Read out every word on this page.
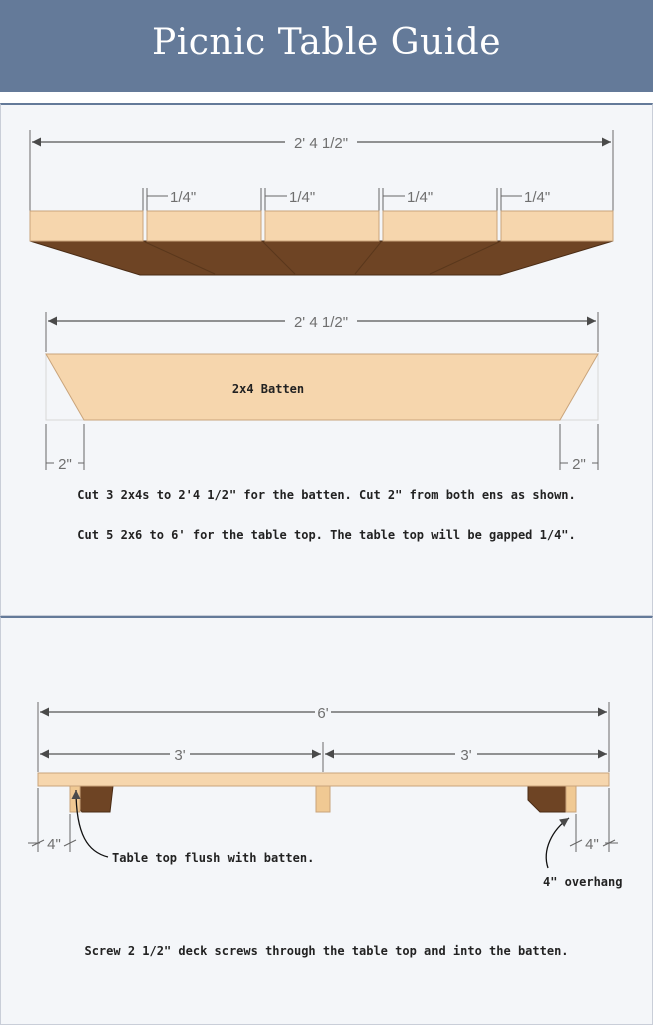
Picnic Table Guide
2' 4 1/2"
1/4"	1/4"	1/4"	1/4"
2' 4 1/2"
2x4 Batten
2"	2"
6'
3'	3'
4"	4"
Table top flush with batten.
4" overhang
Cut 3 2x4s to 2'4 1/2" for the batten. Cut 2" from both ens as shown.
Cut 5 2x6 to 6' for the table top. The table top will be gapped 1/4".
Screw 2 1/2" deck screws through the table top and into the batten.
